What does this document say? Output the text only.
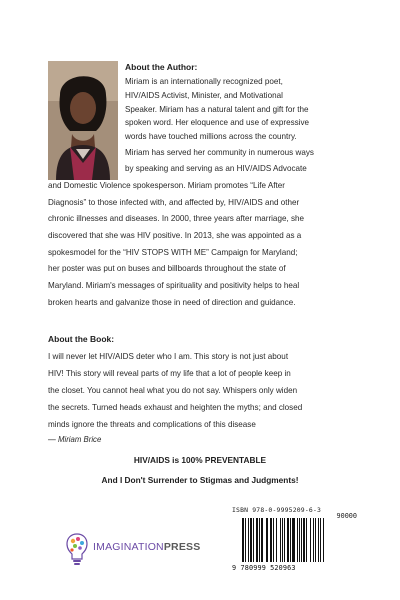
About the Author:

Miriam is an internationally recognized poet,

HIV/AIDS Activist, Minister, and Motivational

Speaker. Miriam has a natural talent and gift for the

spoken word. Her eloquence and use of expressive

words have touched millions across the country.

Miriam has served her community in numerous ways

by speaking and serving as an HIV/AIDS Advocate

and Domestic Violence spokesperson. Miriam promotes “Life After

Diagnosis” to those infected with, and affected by, HIV/AIDS and other

chronic illnesses and diseases. In 2000, three years after marriage, she

discovered that she was HIV positive. In 2013, she was appointed as a

spokesmodel for the “HIV STOPS WITH ME” Campaign for Maryland;

her poster was put on buses and billboards throughout the state of

Maryland. Miriam's messages of spirituality and positivity helps to heal

broken hearts and galvanize those in need of direction and guidance.

About the Book:

I will never let HIV/AIDS deter who I am. This story is not just about

HIV! This story will reveal parts of my life that a lot of people keep in

the closet. You cannot heal what you do not say. Whispers only widen

the secrets. Turned heads exhaust and heighten the myths; and closed

minds ignore the threats and complications of this disease

— Miriam Brice
HIV/AIDS is 100% PREVENTABLE
And I Don't Surrender to Stigmas and Judgments!
ISBN 978-0-9995209-6-3
90000
9 780999 520963
IMAGINATIONPRESS
